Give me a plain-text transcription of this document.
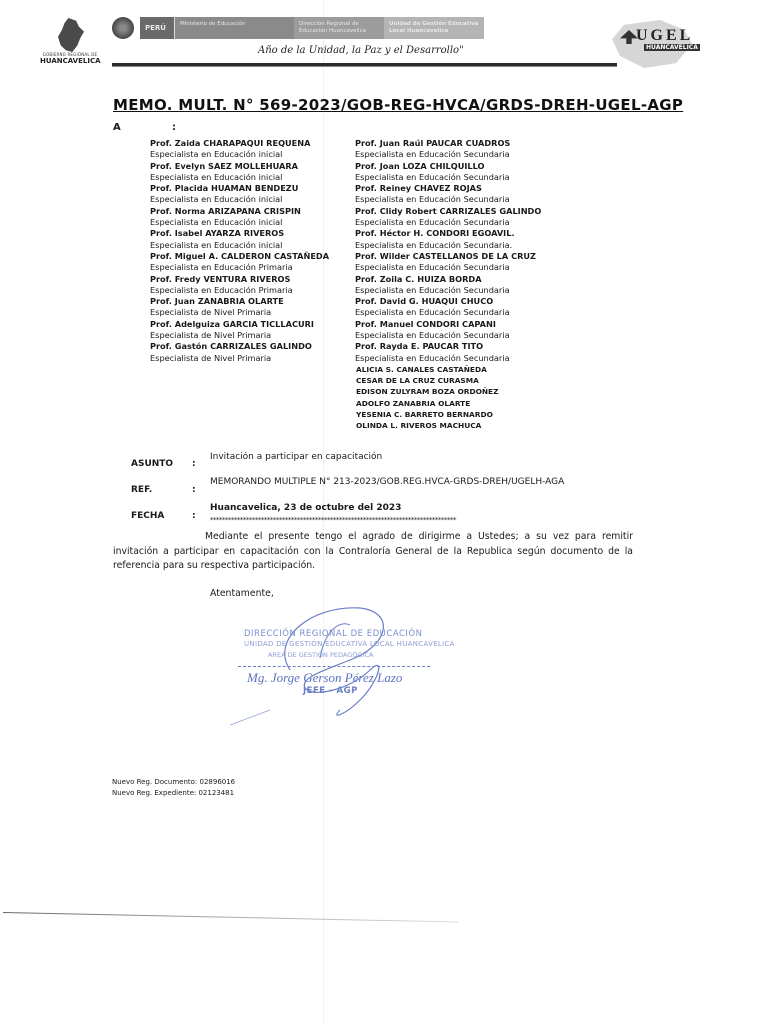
GOBIERNO REGIONAL DE
HUANCAVELICA
PERÚ	Ministerio de Educación	Dirección Regional de Educación Huancavelica
Unidad de Gestión Educativa Local Huancavelica
Año de la Unidad, la Paz y el Desarrollo"
UGEL
HUANCAVELICA
MEMO. MULT. N° 569-2023/GOB-REG-HVCA/GRDS-DREH-UGEL-AGP
A	:
Prof. Zaida CHARAPAQUI REQUENA
Especialista en Educación inicial
Prof. Evelyn SAEZ MOLLEHUARA
Especialista en Educación inicial
Prof. Placida HUAMAN BENDEZU
Especialista en Educación inicial
Prof. Norma ARIZAPANA CRISPIN
Especialista en Educación inicial
Prof. Isabel AYARZA RIVEROS
Especialista en Educación inicial
Prof. Miguel A. CALDERON CASTAÑEDA
Especialista en Educación Primaria
Prof. Fredy VENTURA RIVEROS
Especialista en Educación Primaria
Prof. Juan ZANABRIA OLARTE
Especialista de Nivel Primaria
Prof. Adelguiza GARCIA TICLLACURI
Especialista de Nivel Primaria
Prof. Gastón CARRIZALES GALINDO
Especialista de Nivel Primaria
Prof. Juan Raúl PAUCAR CUADROS
Especialista en Educación Secundaria
Prof. Joan LOZA CHILQUILLO
Especialista en Educación Secundaria
Prof. Reiney CHAVEZ ROJAS
Especialista en Educación Secundaria
Prof. Clidy Robert CARRIZALES GALINDO
Especialista en Educación Secundaria
Prof. Héctor H. CONDORI EGOAVIL.
Especialista en Educación Secundaria.
Prof. Wilder CASTELLANOS DE LA CRUZ
Especialista en Educación Secundaria
Prof. Zoila C. HUIZA BORDA
Especialista en Educación Secundaria
Prof. David G. HUAQUI CHUCO
Especialista en Educación Secundaria
Prof. Manuel CONDORI CAPANI
Especialista en Educación Secundaria
Prof. Rayda E. PAUCAR TITO
Especialista en Educación Secundaria
ALICIA S. CANALES CASTAÑEDA
CESAR DE LA CRUZ CURASMA
EDISON ZULYRAM BOZA ORDOÑEZ
ADOLFO ZANABRIA OLARTE
YESENIA C. BARRETO BERNARDO
OLINDA L. RIVEROS MACHUCA
ASUNTO :
Invitación a participar en capacitación
REF.	:
MEMORANDO MULTIPLE N° 213-2023/GOB.REG.HVCA-GRDS-DREH/UGELH-AGA
FECHA	:
Huancavelica, 23 de octubre del 2023
**********************************************************************************
Mediante el presente tengo el agrado de dirigirme a Ustedes; a su vez para remitir invitación a participar en capacitación con la Contraloría General de la Republica según documento de la referencia para su respectiva participación.
Atentamente,
DIRECCIÓN REGIONAL DE EDUCACIÓN
UNIDAD DE GESTIÓN EDUCATIVA LOCAL HUANCAVELICA
AREA DE GESTIÓN PEDAGÓGICA
Mg. Jorge Gerson Pérez Lazo
JEFE - AGP
Nuevo Reg. Documento: 02896016
Nuevo Reg. Expediente: 02123481
